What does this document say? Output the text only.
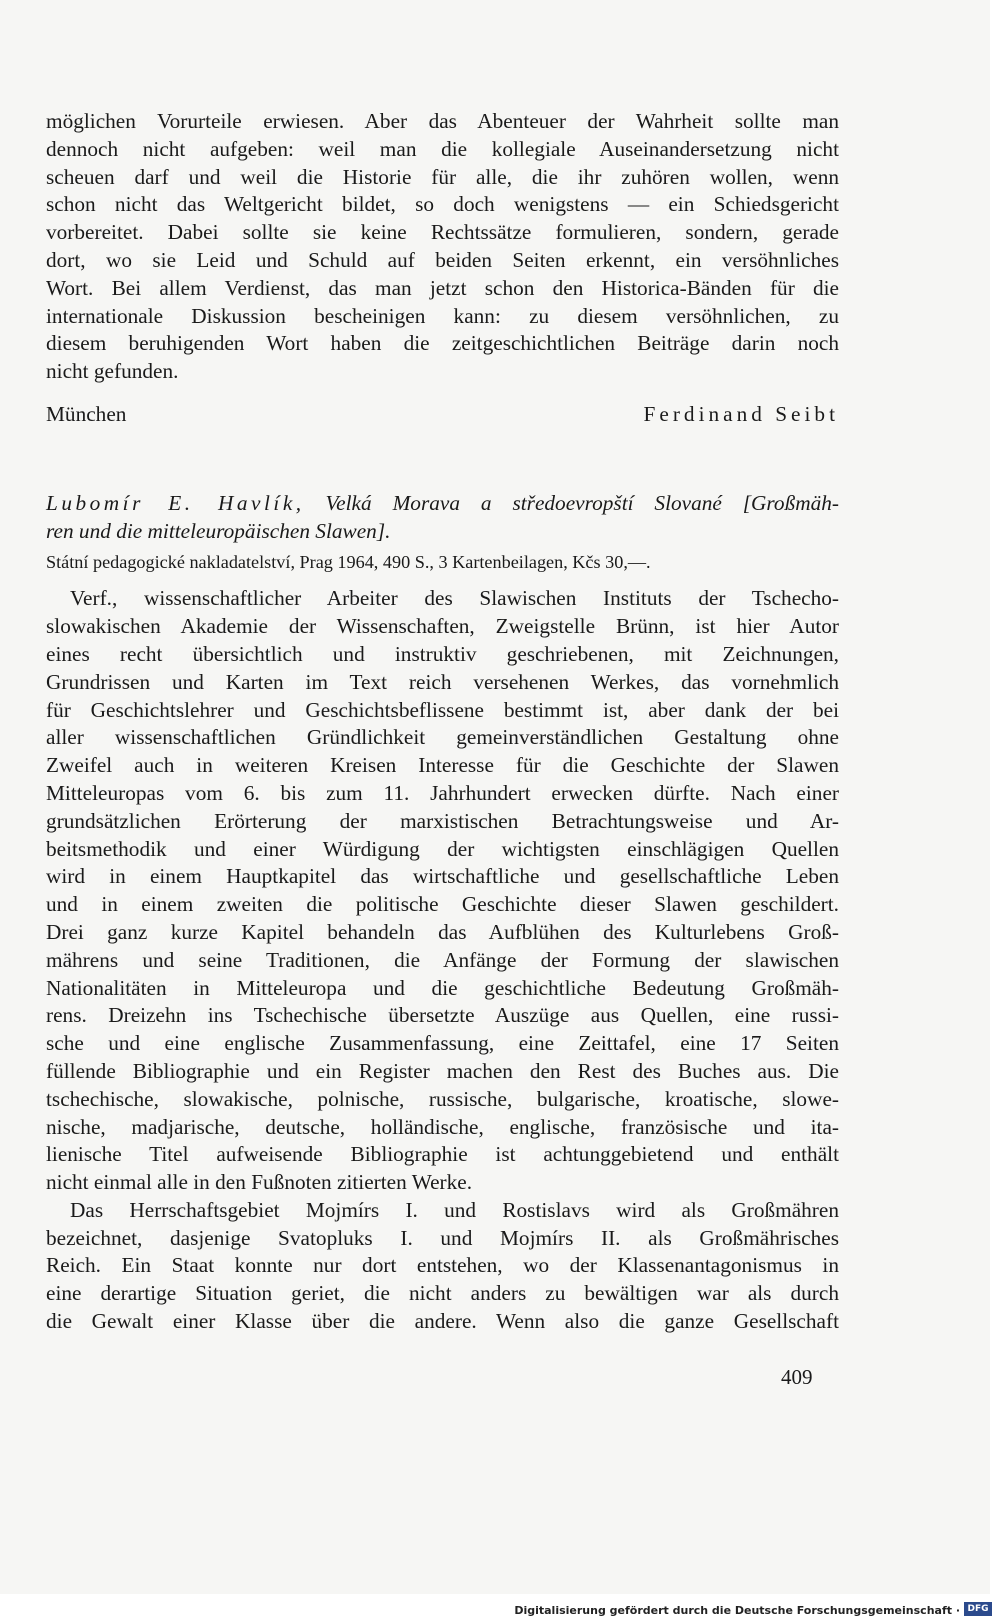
möglichen Vorurteile erwiesen. Aber das Abenteuer der Wahrheit sollte man
dennoch nicht aufgeben: weil man die kollegiale Auseinandersetzung nicht
scheuen darf und weil die Historie für alle, die ihr zuhören wollen, wenn
schon nicht das Weltgericht bildet, so doch wenigstens — ein Schiedsgericht
vorbereitet. Dabei sollte sie keine Rechtssätze formulieren, sondern, gerade
dort, wo sie Leid und Schuld auf beiden Seiten erkennt, ein versöhnliches
Wort. Bei allem Verdienst, das man jetzt schon den Historica-Bänden für die
internationale Diskussion bescheinigen kann: zu diesem versöhnlichen, zu
diesem beruhigenden Wort haben die zeitgeschichtlichen Beiträge darin noch
nicht gefunden.
München	Ferdinand Seibt
Lubomír E. Havlík, Velká Morava a středoevropští Slované [Großmäh-
ren und die mitteleuropäischen Slawen].
Státní pedagogické nakladatelství, Prag 1964, 490 S., 3 Kartenbeilagen, Kčs 30,—.
Verf., wissenschaftlicher Arbeiter des Slawischen Instituts der Tschecho-
slowakischen Akademie der Wissenschaften, Zweigstelle Brünn, ist hier Autor
eines recht übersichtlich und instruktiv geschriebenen, mit Zeichnungen,
Grundrissen und Karten im Text reich versehenen Werkes, das vornehmlich
für Geschichtslehrer und Geschichtsbeflissene bestimmt ist, aber dank der bei
aller wissenschaftlichen Gründlichkeit gemeinverständlichen Gestaltung ohne
Zweifel auch in weiteren Kreisen Interesse für die Geschichte der Slawen
Mitteleuropas vom 6. bis zum 11. Jahrhundert erwecken dürfte. Nach einer
grundsätzlichen Erörterung der marxistischen Betrachtungsweise und Ar-
beitsmethodik und einer Würdigung der wichtigsten einschlägigen Quellen
wird in einem Hauptkapitel das wirtschaftliche und gesellschaftliche Leben
und in einem zweiten die politische Geschichte dieser Slawen geschildert.
Drei ganz kurze Kapitel behandeln das Aufblühen des Kulturlebens Groß-
mährens und seine Traditionen, die Anfänge der Formung der slawischen
Nationalitäten in Mitteleuropa und die geschichtliche Bedeutung Großmäh-
rens. Dreizehn ins Tschechische übersetzte Auszüge aus Quellen, eine russi-
sche und eine englische Zusammenfassung, eine Zeittafel, eine 17 Seiten
füllende Bibliographie und ein Register machen den Rest des Buches aus. Die
tschechische, slowakische, polnische, russische, bulgarische, kroatische, slowe-
nische, madjarische, deutsche, holländische, englische, französische und ita-
lienische Titel aufweisende Bibliographie ist achtunggebietend und enthält
nicht einmal alle in den Fußnoten zitierten Werke.
Das Herrschaftsgebiet Mojmírs I. und Rostislavs wird als Großmähren
bezeichnet, dasjenige Svatopluks I. und Mojmírs II. als Großmährisches
Reich. Ein Staat konnte nur dort entstehen, wo der Klassenantagonismus in
eine derartige Situation geriet, die nicht anders zu bewältigen war als durch
die Gewalt einer Klasse über die andere. Wenn also die ganze Gesellschaft
409
Digitalisierung gefördert durch die Deutsche Forschungsgemeinschaft · DFG
